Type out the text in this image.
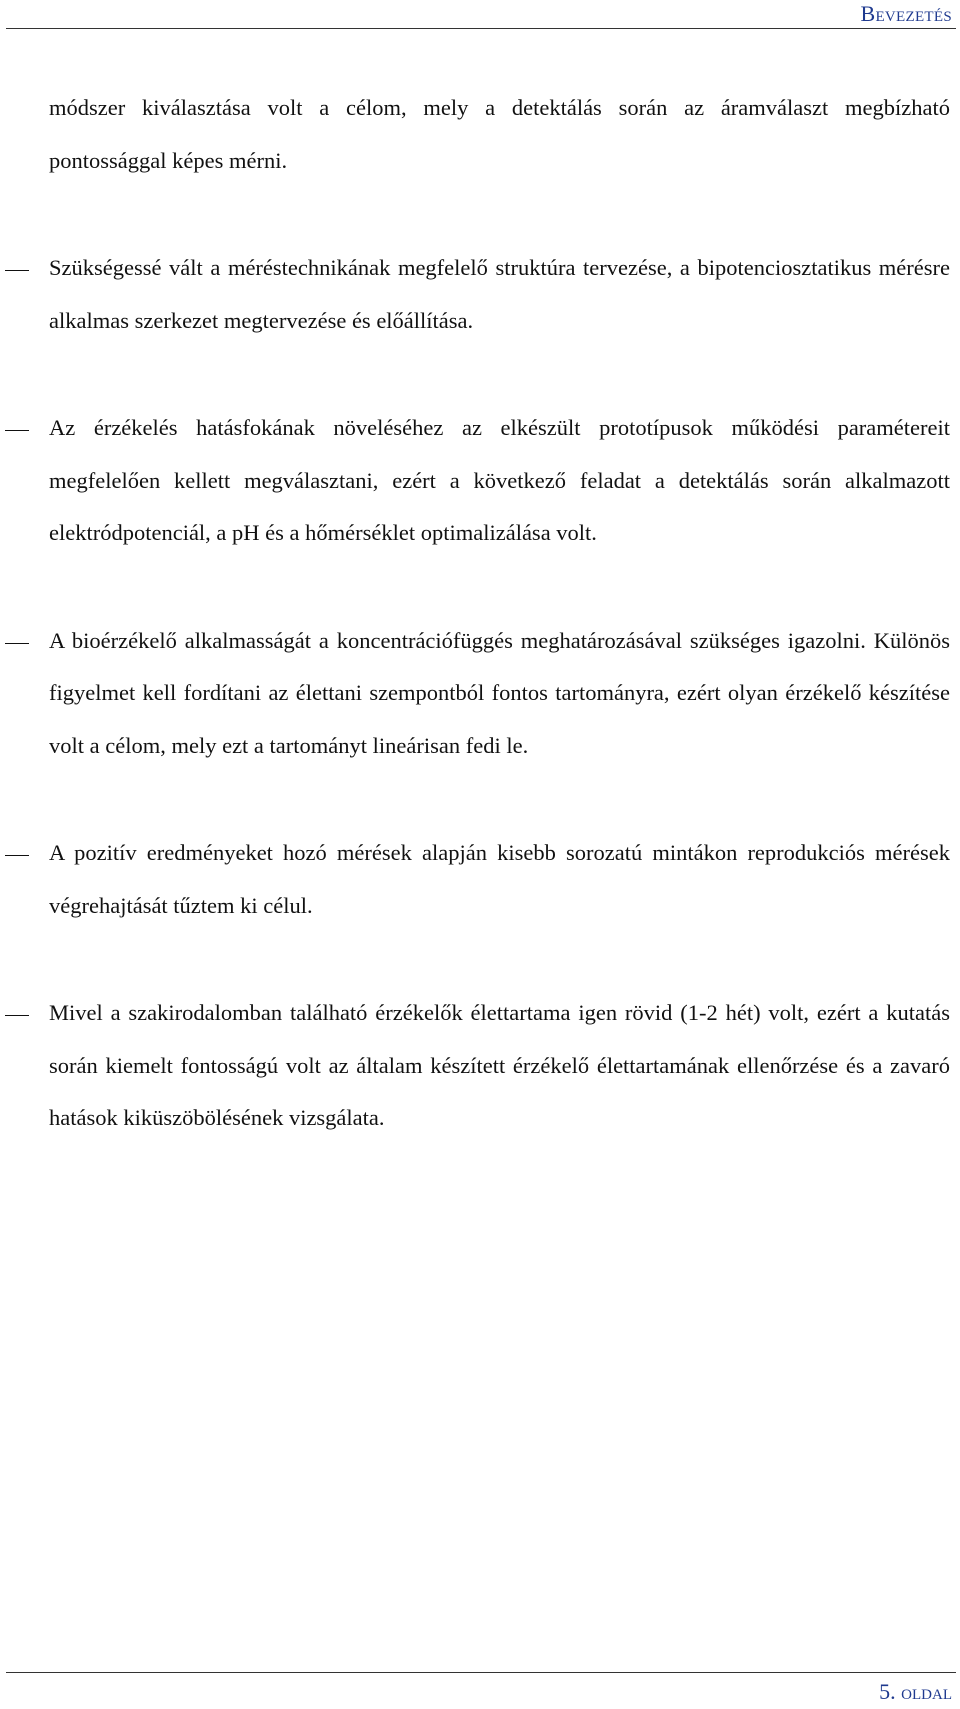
Bevezetés

módszer kiválasztása volt a célom, mely a detektálás során az áramválaszt megbízható pontossággal képes mérni.

Szükségessé vált a méréstechnikának megfelelő struktúra tervezése, a bipotenciosztatikus mérésre alkalmas szerkezet megtervezése és előállítása.

Az érzékelés hatásfokának növeléséhez az elkészült prototípusok működési paramétereit megfelelően kellett megválasztani, ezért a következő feladat a detektálás során alkalmazott elektródpotenciál, a pH és a hőmérséklet optimalizálása volt.

A bioérzékelő alkalmasságát a koncentrációfüggés meghatározásával szükséges igazolni. Különös figyelmet kell fordítani az élettani szempontból fontos tartományra, ezért olyan érzékelő készítése volt a célom, mely ezt a tartományt lineárisan fedi le.

A pozitív eredményeket hozó mérések alapján kisebb sorozatú mintákon reprodukciós mérések végrehajtását tűztem ki célul.

Mivel a szakirodalomban található érzékelők élettartama igen rövid (1-2 hét) volt, ezért a kutatás során kiemelt fontosságú volt az általam készített érzékelő élettartamának ellenőrzése és a zavaró hatások kiküszöbölésének vizsgálata.

5. oldal
